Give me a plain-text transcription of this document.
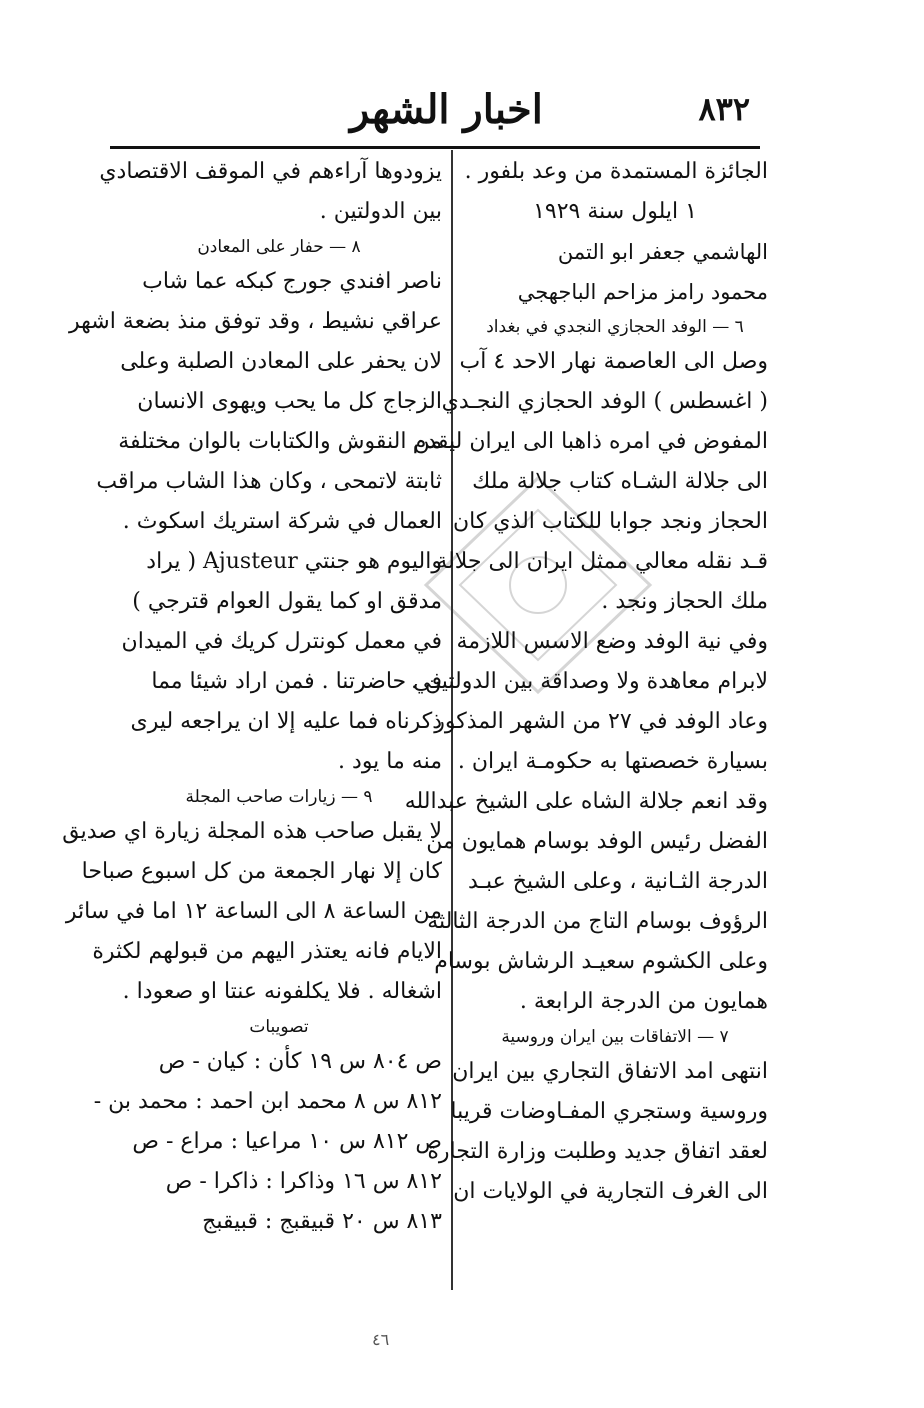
٨٣٢
اخبار الشهر
الجائزة المستمدة من وعد بلفور .
١ ايلول سنة ١٩٢٩
الهاشمي جعفر ابو التمن
محمود رامز مزاحم الباجهجي
٦ — الوفد الحجازي النجدي في بغداد
وصل الى العاصمة نهار الاحد ٤ آب
( اغسطس ) الوفد الحجازي النجـدي
المفوض في امره ذاهبا الى ايران ليقدم
الى جلالة الشـاه كتاب جلالة ملك
الحجاز ونجد جوابا للكتاب الذي كان
قـد نقله معالي ممثل ايران الى جلالة
ملك الحجاز ونجد .
وفي نية الوفد وضع الاسس اللازمة
لابرام معاهدة ولا وصداقة بين الدولتين .
وعاد الوفد في ٢٧ من الشهر المذكور
بسيارة خصصتها به حكومـة ايران .
وقد انعم جلالة الشاه على الشيخ عبدالله
الفضل رئيس الوفد بوسام همايون من
الدرجة الثـانية ، وعلى الشيخ عبـد
الرؤوف بوسام التاج من الدرجة الثالثة
وعلى الكشوم سعيـد الرشاش بوسام
همايون من الدرجة الرابعة .
٧ — الاتفاقات بين ايران وروسية
انتهى امد الاتفاق التجاري بين ايران
وروسية وستجري المفـاوضات قريبا
لعقد اتفاق جديد وطلبت وزارة التجارة
الى الغرف التجارية في الولايات ان
يزودوها آراءهم في الموقف الاقتصادي
بين الدولتين .
٨ — حفار على المعادن
ناصر افندي جورج كبكه عما شاب
عراقي نشيط ، وقد توفق منذ بضعة اشهر
لان يحفر على المعادن الصلبة وعلى
الزجاج كل ما يحب ويهوى الانسان
من النقوش والكتابات بالوان مختلفة
ثابتة لاتمحى ، وكان هذا الشاب مراقب
العمال في شركة استريك اسكوث .
واليوم هو جنتي Ajusteur ( يراد
مدقق او كما يقول العوام قترجي )
في معمل كونترل كريك في الميدان
في حاضرتنا . فمن اراد شيئا مما
ذكرناه فما عليه إلا ان يراجعه ليرى
منه ما يود .
٩ — زيارات صاحب المجلة
لا يقبل صاحب هذه المجلة زيارة اي صديق
كان إلا نهار الجمعة من كل اسبوع صباحا
من الساعة ٨ الى الساعة ١٢ اما في سائر
الايام فانه يعتذر اليهم من قبولهم لكثرة
اشغاله . فلا يكلفونه عنتا او صعودا .
تصويبات
ص ٨٠٤ س ١٩ كأن : كيان - ص
٨١٢ س ٨ محمد ابن احمد : محمد بن -
ص ٨١٢ س ١٠ مراعيا : مراع - ص
٨١٢ س ١٦ وذاكرا : ذاكرا - ص
٨١٣ س ٢٠ قبيقبج : قبيقبج
٤٦
